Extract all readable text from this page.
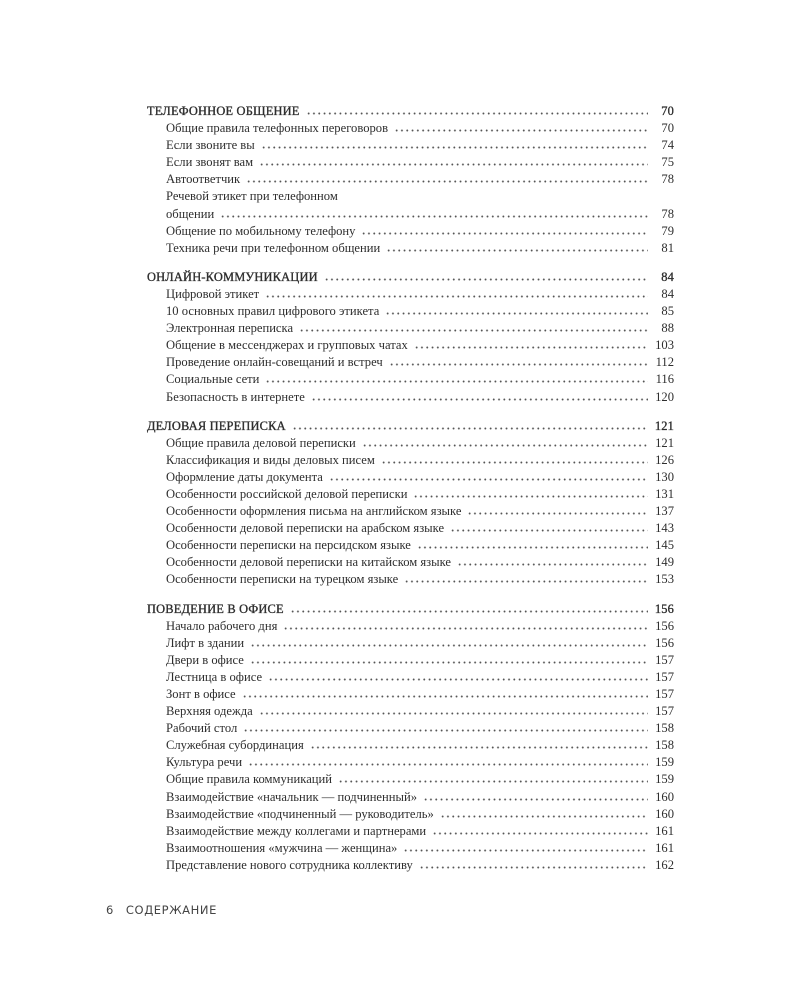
ТЕЛЕФОННОЕ ОБЩЕНИЕ	70
Общие правила телефонных переговоров	70
Если звоните вы	74
Если звонят вам	75
Автоответчик	78
Речевой этикет при телефонном
общении	78
Общение по мобильному телефону	79
Техника речи при телефонном общении	81
ОНЛАЙН-КОММУНИКАЦИИ	84
Цифровой этикет	84
10 основных правил цифрового этикета	85
Электронная переписка	88
Общение в мессенджерах и групповых чатах	103
Проведение онлайн-совещаний и встреч	112
Социальные сети	116
Безопасность в интернете	120
ДЕЛОВАЯ ПЕРЕПИСКА	121
Общие правила деловой переписки	121
Классификация и виды деловых писем	126
Оформление даты документа	130
Особенности российской деловой переписки	131
Особенности оформления письма на английском языке	137
Особенности деловой переписки на арабском языке	143
Особенности переписки на персидском языке	145
Особенности деловой переписки на китайском языке	149
Особенности переписки на турецком языке	153
ПОВЕДЕНИЕ В ОФИСЕ	156
Начало рабочего дня	156
Лифт в здании	156
Двери в офисе	157
Лестница в офисе	157
Зонт в офисе	157
Верхняя одежда	157
Рабочий стол	158
Служебная субординация	158
Культура речи	159
Общие правила коммуникаций	159
Взаимодействие «начальник — подчиненный»	160
Взаимодействие «подчиненный — руководитель»	160
Взаимодействие между коллегами и партнерами	161
Взаимоотношения «мужчина — женщина»	161
Представление нового сотрудника коллективу	162
6 СОДЕРЖАНИЕ
